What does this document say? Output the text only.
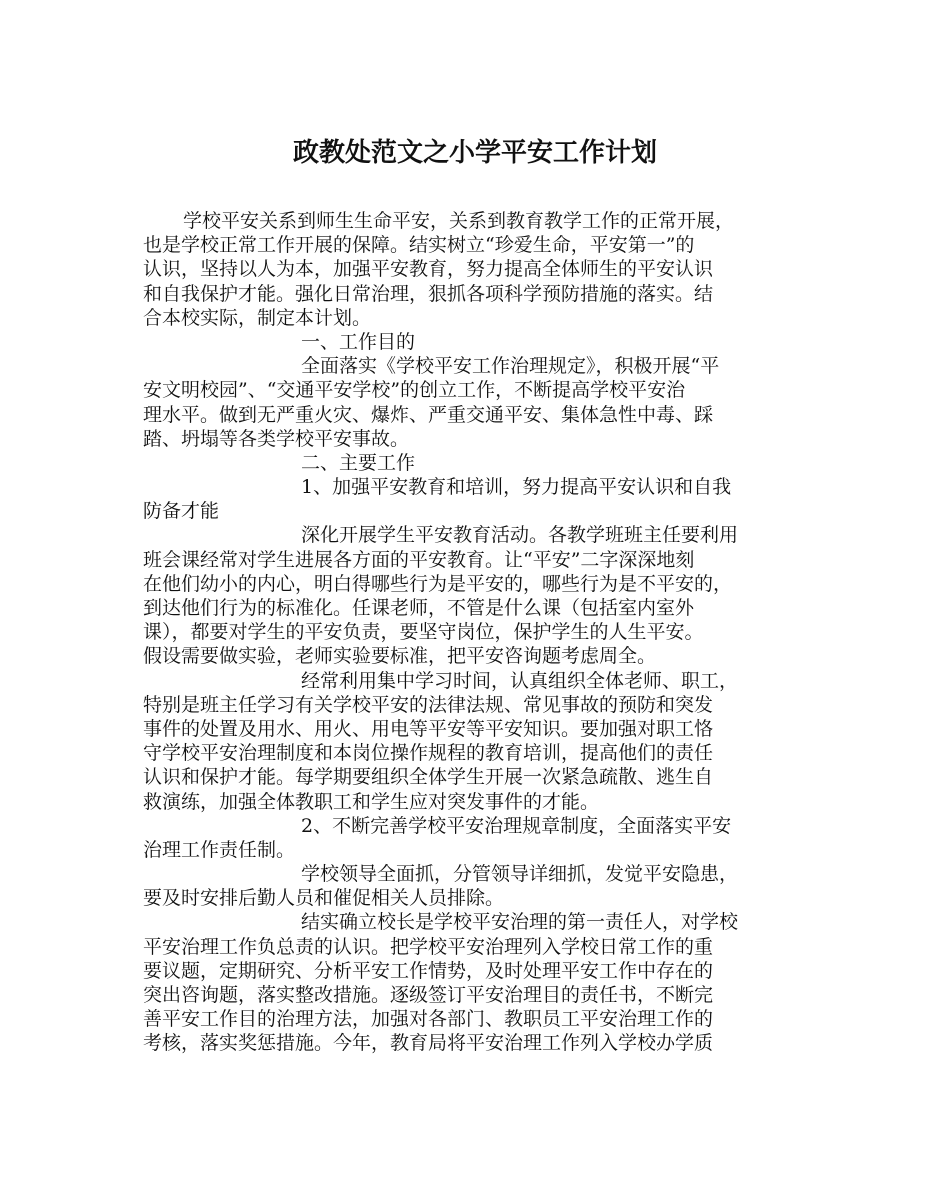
政教处范文之小学平安工作计划
学校平安关系到师生生命平安，关系到教育教学工作的正常开展，
也是学校正常工作开展的保障。结实树立“珍爱生命，平安第一”的
认识，坚持以人为本，加强平安教育，努力提高全体师生的平安认识
和自我保护才能。强化日常治理，狠抓各项科学预防措施的落实。结
合本校实际，制定本计划。
一、工作目的
全面落实《学校平安工作治理规定》，积极开展“平
安文明校园”、“交通平安学校”的创立工作，不断提高学校平安治
理水平。做到无严重火灾、爆炸、严重交通平安、集体急性中毒、踩
踏、坍塌等各类学校平安事故。
二、主要工作
1、加强平安教育和培训，努力提高平安认识和自我
防备才能
深化开展学生平安教育活动。各教学班班主任要利用
班会课经常对学生进展各方面的平安教育。让“平安”二字深深地刻
在他们幼小的内心，明白得哪些行为是平安的，哪些行为是不平安的，
到达他们行为的标准化。任课老师，不管是什么课（包括室内室外
课），都要对学生的平安负责，要坚守岗位，保护学生的人生平安。
假设需要做实验，老师实验要标准，把平安咨询题考虑周全。
经常利用集中学习时间，认真组织全体老师、职工，
特别是班主任学习有关学校平安的法律法规、常见事故的预防和突发
事件的处置及用水、用火、用电等平安等平安知识。要加强对职工恪
守学校平安治理制度和本岗位操作规程的教育培训，提高他们的责任
认识和保护才能。每学期要组织全体学生开展一次紧急疏散、逃生自
救演练，加强全体教职工和学生应对突发事件的才能。
2、不断完善学校平安治理规章制度，全面落实平安
治理工作责任制。
学校领导全面抓，分管领导详细抓，发觉平安隐患，
要及时安排后勤人员和催促相关人员排除。
结实确立校长是学校平安治理的第一责任人，对学校
平安治理工作负总责的认识。把学校平安治理列入学校日常工作的重
要议题，定期研究、分析平安工作情势，及时处理平安工作中存在的
突出咨询题，落实整改措施。逐级签订平安治理目的责任书，不断完
善平安工作目的治理方法，加强对各部门、教职员工平安治理工作的
考核，落实奖惩措施。今年，教育局将平安治理工作列入学校办学质
